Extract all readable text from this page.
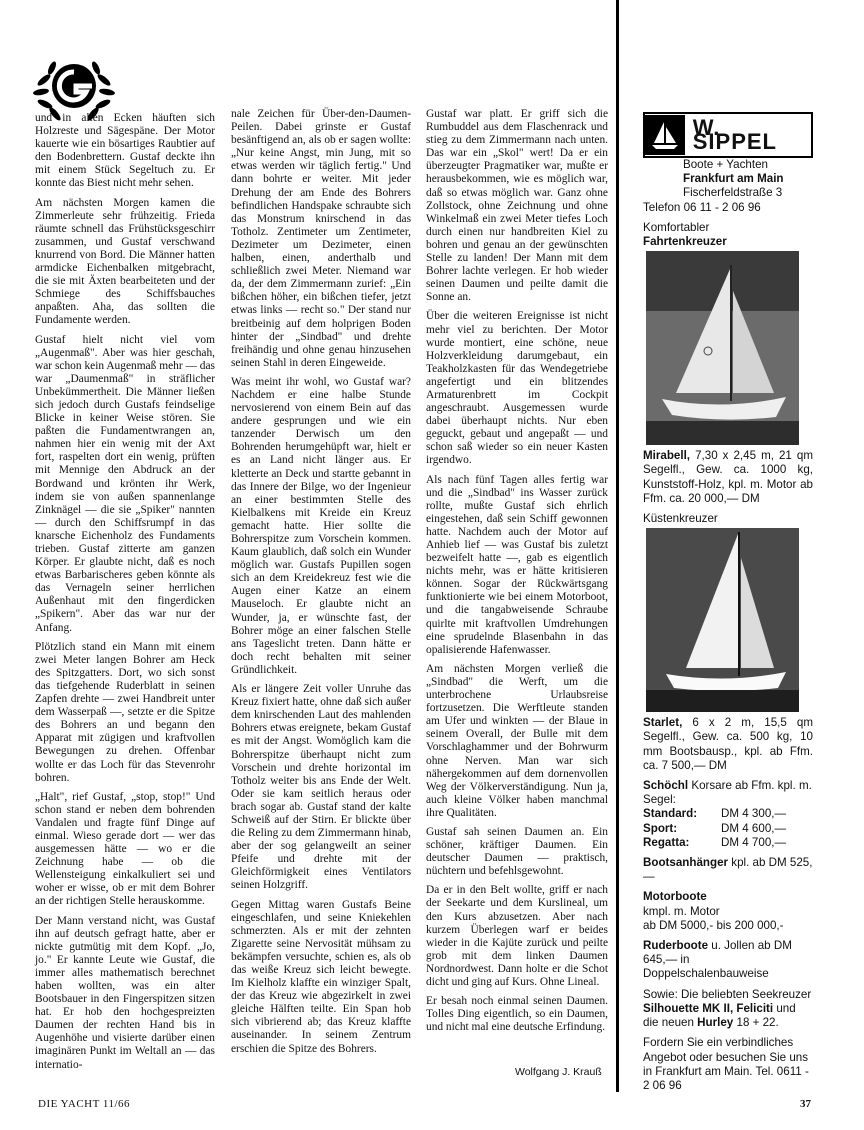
und in allen Ecken häuften sich Holzreste und Sägespäne. Der Motor kauerte wie ein bösartiges Raubtier auf den Bodenbrettern. Gustaf deckte ihn mit einem Stück Segeltuch zu. Er konnte das Biest nicht mehr sehen.

Am nächsten Morgen kamen die Zimmerleute sehr frühzeitig. Frieda räumte schnell das Frühstücksgeschirr zusammen, und Gustaf verschwand knurrend von Bord. Die Männer hatten armdicke Eichenbalken mitgebracht, die sie mit Äxten bearbeiteten und der Schmiege des Schiffsbauches anpaßten. Aha, das sollten die Fundamente werden.

Gustaf hielt nicht viel vom „Augenmaß". Aber was hier geschah, war schon kein Augenmaß mehr — das war „Daumenmaß" in sträflicher Unbekümmertheit. Die Männer ließen sich jedoch durch Gustafs feindselige Blicke in keiner Weise stören. Sie paßten die Fundamentwrangen an, nahmen hier ein wenig mit der Axt fort, raspelten dort ein wenig, prüften mit Mennige den Abdruck an der Bordwand und krönten ihr Werk, indem sie von außen spannenlange Zinknägel — die sie „Spiker" nannten — durch den Schiffsrumpf in das knarsche Eichenholz des Fundaments trieben. Gustaf zitterte am ganzen Körper. Er glaubte nicht, daß es noch etwas Barbarischeres geben könnte als das Vernageln seiner herrlichen Außenhaut mit den fingerdicken „Spikern". Aber das war nur der Anfang.

Plötzlich stand ein Mann mit einem zwei Meter langen Bohrer am Heck des Spitzgatters. Dort, wo sich sonst das tiefgehende Ruderblatt in seinen Zapfen drehte — zwei Handbreit unter dem Wasserpaß —, setzte er die Spitze des Bohrers an und begann den Apparat mit zügigen und kraftvollen Bewegungen zu drehen. Offenbar wollte er das Loch für das Stevenrohr bohren.

„Halt", rief Gustaf, „stop, stop!" Und schon stand er neben dem bohrenden Vandalen und fragte fünf Dinge auf einmal. Wieso gerade dort — wer das ausgemessen hätte — wo er die Zeichnung habe — ob die Wellensteigung einkalkuliert sei und woher er wisse, ob er mit dem Bohrer an der richtigen Stelle herauskomme.

Der Mann verstand nicht, was Gustaf ihn auf deutsch gefragt hatte, aber er nickte gutmütig mit dem Kopf. „Jo, jo." Er kannte Leute wie Gustaf, die immer alles mathematisch berechnet haben wollten, was ein alter Bootsbauer in den Fingerspitzen sitzen hat. Er hob den hochgespreizten Daumen der rechten Hand bis in Augenhöhe und visierte darüber einen imaginären Punkt im Weltall an — das internatio-

nale Zeichen für Über-den-Daumen-Peilen. Dabei grinste er Gustaf besänftigend an, als ob er sagen wollte: „Nur keine Angst, min Jung, mit so etwas werden wir täglich fertig." Und dann bohrte er weiter. Mit jeder Drehung der am Ende des Bohrers befindlichen Handspake schraubte sich das Monstrum knirschend in das Totholz. Zentimeter um Zentimeter, Dezimeter um Dezimeter, einen halben, einen, anderthalb und schließlich zwei Meter. Niemand war da, der dem Zimmermann zurief: „Ein bißchen höher, ein bißchen tiefer, jetzt etwas links — recht so." Der stand nur breitbeinig auf dem holprigen Boden hinter der „Sindbad" und drehte freihändig und ohne genau hinzusehen seinen Stahl in deren Eingeweide.

Was meint ihr wohl, wo Gustaf war? Nachdem er eine halbe Stunde nervosierend von einem Bein auf das andere gesprungen und wie ein tanzender Derwisch um den Bohrenden herumgehüpft war, hielt er es an Land nicht länger aus. Er kletterte an Deck und startte gebannt in das Innere der Bilge, wo der Ingenieur an einer bestimmten Stelle des Kielbalkens mit Kreide ein Kreuz gemacht hatte. Hier sollte die Bohrerspitze zum Vorschein kommen. Kaum glaublich, daß solch ein Wunder möglich war. Gustafs Pupillen sogen sich an dem Kreidekreuz fest wie die Augen einer Katze an einem Mauseloch. Er glaubte nicht an Wunder, ja, er wünschte fast, der Bohrer möge an einer falschen Stelle ans Tageslicht treten. Dann hätte er doch recht behalten mit seiner Gründlichkeit.

Als er längere Zeit voller Unruhe das Kreuz fixiert hatte, ohne daß sich außer dem knirschenden Laut des mahlenden Bohrers etwas ereignete, bekam Gustaf es mit der Angst. Womöglich kam die Bohrerspitze überhaupt nicht zum Vorschein und drehte horizontal im Totholz weiter bis ans Ende der Welt. Oder sie kam seitlich heraus oder brach sogar ab. Gustaf stand der kalte Schweiß auf der Stirn. Er blickte über die Reling zu dem Zimmermann hinab, aber der sog gelangweilt an seiner Pfeife und drehte mit der Gleichförmigkeit eines Ventilators seinen Holzgriff.

Gegen Mittag waren Gustafs Beine eingeschlafen, und seine Kniekehlen schmerzten. Als er mit der zehnten Zigarette seine Nervosität mühsam zu bekämpfen versuchte, schien es, als ob das weiße Kreuz sich leicht bewegte. Im Kielholz klaffte ein winziger Spalt, der das Kreuz wie abgezirkelt in zwei gleiche Hälften teilte. Ein Span hob sich vibrierend ab; das Kreuz klaffte auseinander. In seinem Zentrum erschien die Spitze des Bohrers.

Gustaf war platt. Er griff sich die Rumbuddel aus dem Flaschenrack und stieg zu dem Zimmermann nach unten. Das war ein „Skol" wert! Da er ein überzeugter Pragmatiker war, mußte er herausbekommen, wie es möglich war, daß so etwas möglich war. Ganz ohne Zollstock, ohne Zeichnung und ohne Winkelmaß ein zwei Meter tiefes Loch durch einen nur handbreiten Kiel zu bohren und genau an der gewünschten Stelle zu landen! Der Mann mit dem Bohrer lachte verlegen. Er hob wieder seinen Daumen und peilte damit die Sonne an.

Über die weiteren Ereignisse ist nicht mehr viel zu berichten. Der Motor wurde montiert, eine schöne, neue Holzverkleidung darumgebaut, ein Teakholzkasten für das Wendegetriebe angefertigt und ein blitzendes Armaturenbrett im Cockpit angeschraubt. Ausgemessen wurde dabei überhaupt nichts. Nur eben geguckt, gebaut und angepaßt — und schon saß wieder so ein neuer Kasten irgendwo.

Als nach fünf Tagen alles fertig war und die „Sindbad" ins Wasser zurück rollte, mußte Gustaf sich ehrlich eingestehen, daß sein Schiff gewonnen hatte. Nachdem auch der Motor auf Anhieb lief — was Gustaf bis zuletzt bezweifelt hatte —, gab es eigentlich nichts mehr, was er hätte kritisieren können. Sogar der Rückwärtsgang funktionierte wie bei einem Motorboot, und die tangabweisende Schraube quirlte mit kraftvollen Umdrehungen eine sprudelnde Blasenbahn in das opalisierende Hafenwasser.

Am nächsten Morgen verließ die „Sindbad" die Werft, um die unterbrochene Urlaubsreise fortzusetzen. Die Werftleute standen am Ufer und winkten — der Blaue in seinem Overall, der Bulle mit dem Vorschlaghammer und der Bohrwurm ohne Nerven. Man war sich nähergekommen auf dem dornenvollen Weg der Völkerverständigung. Nun ja, auch kleine Völker haben manchmal ihre Qualitäten.

Gustaf sah seinen Daumen an. Ein schöner, kräftiger Daumen. Ein deutscher Daumen — praktisch, nüchtern und befehlsgewohnt.

Da er in den Belt wollte, griff er nach der Seekarte und dem Kurslineal, um den Kurs abzusetzen. Aber nach kurzem Überlegen warf er beides wieder in die Kajüte zurück und peilte grob mit dem linken Daumen Nordnordwest. Dann holte er die Schot dicht und ging auf Kurs. Ohne Lineal.

Er besah noch einmal seinen Daumen. Tolles Ding eigentlich, so ein Daumen, und nicht mal eine deutsche Erfindung.

Wolfgang J. Krauß
W. SIPPEL
Boote + Yachten
Frankfurt am Main
Fischerfeldstraße 3
Telefon 06 11 - 2 06 96
Komfortabler
Fahrtenkreuzer

Mirabell, 7,30 x 2,45 m, 21 qm Segelfl., Gew. ca. 1000 kg, Kunststoff-Holz, kpl. m. Motor ab Ffm. ca. 20 000,— DM

Küstenkreuzer

Starlet, 6 x 2 m, 15,5 qm Segelfl., Gew. ca. 500 kg, 10 mm Bootsbausp., kpl. ab Ffm. ca. 7 500,— DM

Schöchl Korsare ab Ffm. kpl. m. Segel:
Standard:	DM 4 300,—
Sport:	DM 4 600,—
Regatta:	DM 4 700,—

Bootsanhänger kpl. ab DM 525,—

Motorboote
kmpl. m. Motor
ab DM 5000,- bis 200 000,-

Ruderboote u. Jollen ab DM 645,— in Doppelschalenbauweise

Sowie: Die beliebten Seekreuzer Silhouette MK II, Feliciti und die neuen Hurley 18 + 22.

Fordern Sie ein verbindliches Angebot oder besuchen Sie uns in Frankfurt am Main. Tel. 0611 - 2 06 96

DIE YACHT 11/66	37
